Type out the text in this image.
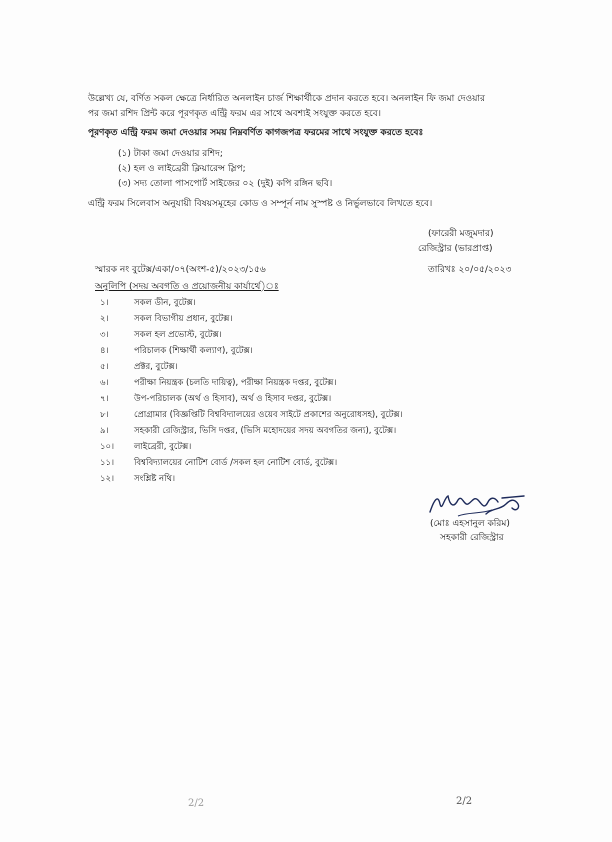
উল্লেখ্য যে, বর্ণিত সকল ক্ষেত্রে নির্ধারিত অনলাইন চার্জ শিক্ষার্থীকে প্রদান করতে হবে। অনলাইন ফি জমা দেওয়ার
পর জমা রশিদ প্রিন্ট করে পূরণকৃত এন্ট্রি ফরম এর সাথে অবশ্যই সংযুক্ত করতে হবে।
পূরণকৃত এন্ট্রি ফরম জমা দেওয়ার সময় নিম্নবর্ণিত কাগজপত্র ফরমের সাথে সংযুক্ত করতে হবেঃ
(১) টাকা জমা দেওয়ার রশিদ;
(২) হল ও লাইব্রেরী ক্লিয়ারেন্স স্লিপ;
(৩) সদ্য তোলা পাসপোর্ট সাইজের ০২ (দুই) কপি রঙ্গিন ছবি।
এন্ট্রি ফরম সিলেবাস অনুযায়ী বিষয়সমূহের কোড ও সম্পূর্ন নাম সুস্পষ্ট ও নির্ভুলভাবে লিখতে হবে।
(ফারেরী মজুমদার)
রেজিস্ট্রার (ভারপ্রাপ্ত)
স্মারক নং বুটেক্স/একা/০৭(অংশ-৫)/২০২৩/১৫৬	তারিখঃ ২০/০৫/২০২৩
অনুলিপি (সদয় অবগতি ও প্রয়োজনীয় কার্যার্থে)ঃ
১।	সকল ডীন, বুটেক্স।
২।	সকল বিভাগীয় প্রধান, বুটেক্স।
৩।	সকল হল প্রভোস্ট, বুটেক্স।
৪।	পরিচালক (শিক্ষার্থী কল্যাণ), বুটেক্স।
৫।	প্রক্টর, বুটেক্স।
৬।	পরীক্ষা নিয়ন্ত্রক (চলতি দায়িত্ব), পরীক্ষা নিয়ন্ত্রক দপ্তর, বুটেক্স।
৭।	উপ-পরিচালক (অর্থ ও হিসাব), অর্থ ও হিসাব দপ্তর, বুটেক্স।
৮।	প্রোগ্রামার (বিজ্ঞপ্তিটি বিশ্ববিদ্যালয়ের ওয়েব সাইটে প্রকাশের অনুরোধসহ), বুটেক্স।
৯।	সহকারী রেজিস্ট্রার, ভিসি দপ্তর, (ভিসি মহোদয়ের সদয় অবগতির জন্য), বুটেক্স।
১০। লাইব্রেরী, বুটেক্স।
১১। বিশ্ববিদ্যালয়ের নোটিশ বোর্ড /সকল হল নোটিশ বোর্ড, বুটেক্স।
১২। সংশ্লিষ্ট নথি।
(মোঃ এহসানুল করিম)
সহকারী রেজিস্ট্রার
2/2	2/2
